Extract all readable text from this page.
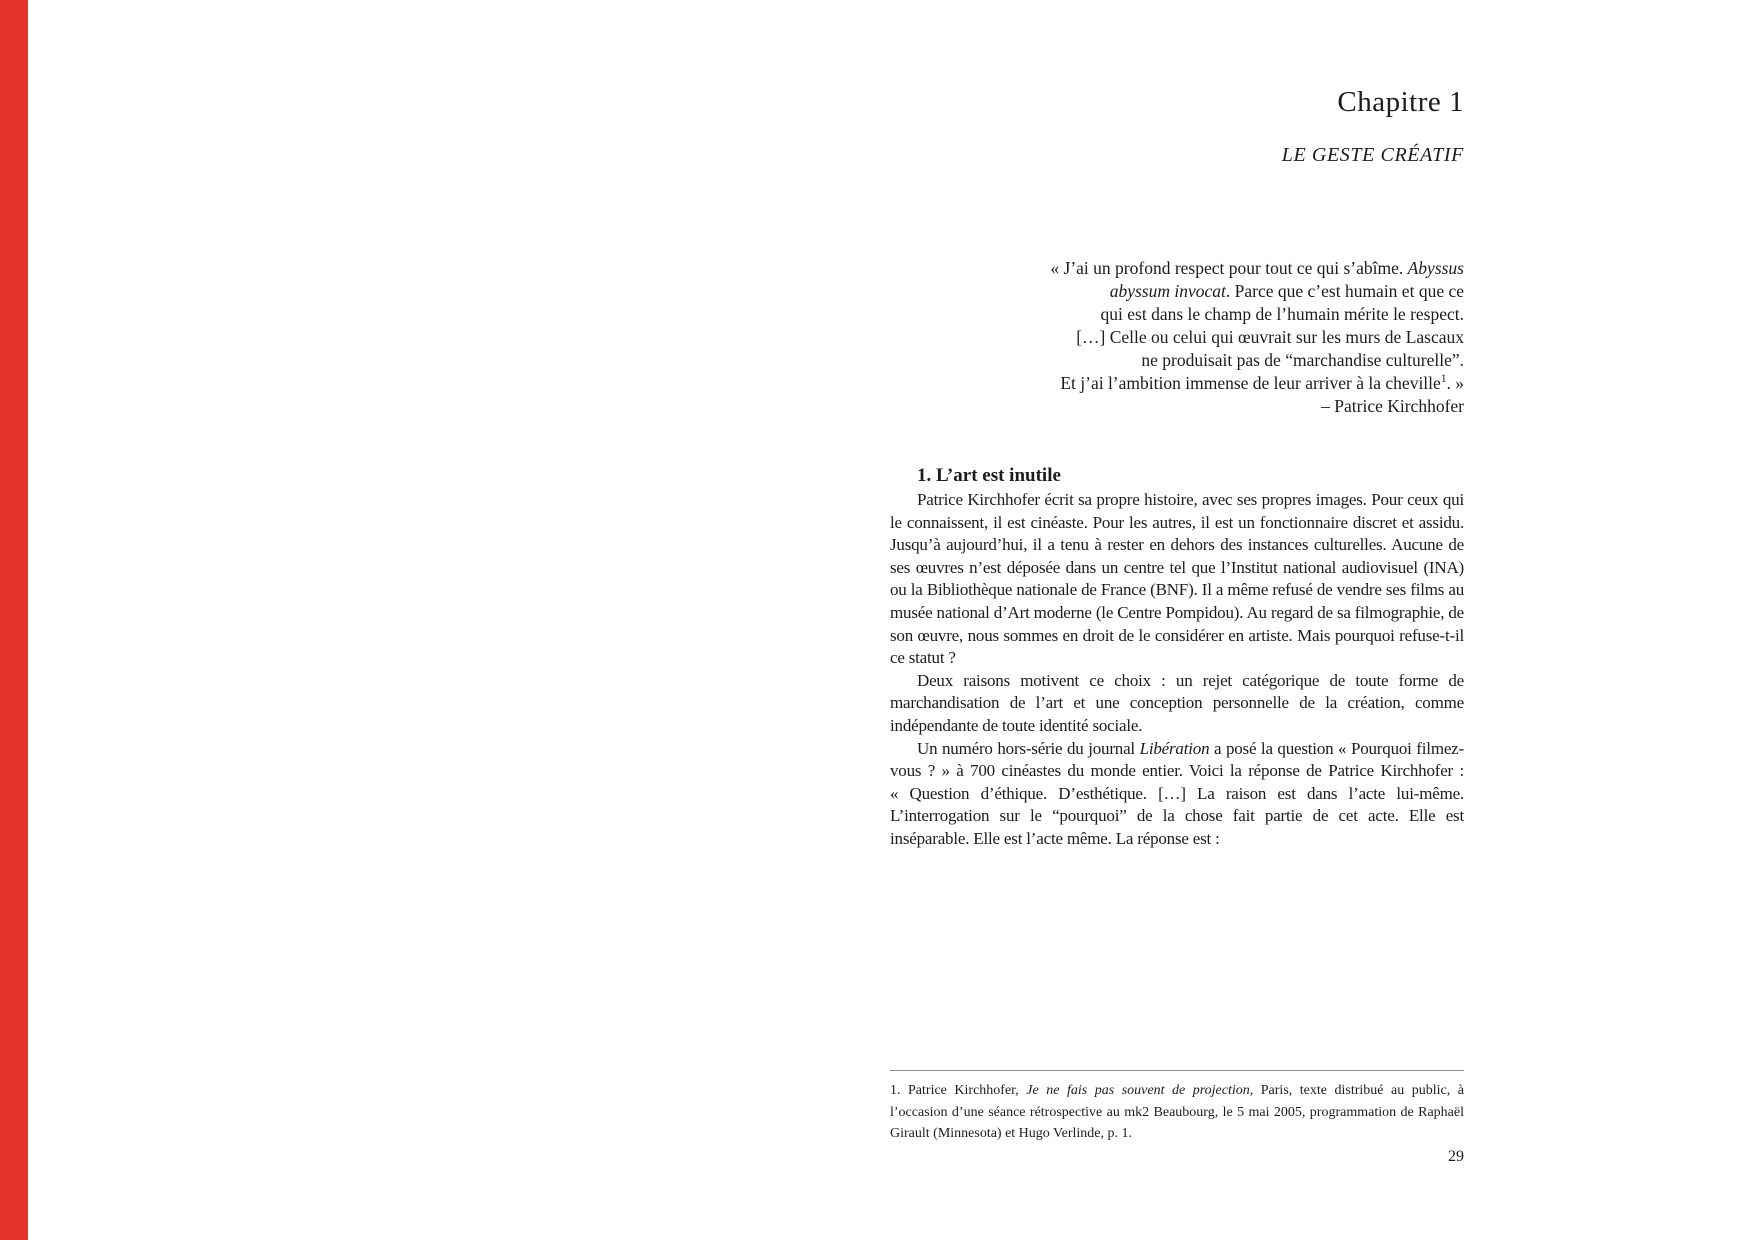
Chapitre 1
LE GESTE CRÉATIF
« J’ai un profond respect pour tout ce qui s’abîme. Abyssus
abyssum invocat. Parce que c’est humain et que ce
qui est dans le champ de l’humain mérite le respect.
[…] Celle ou celui qui œuvrait sur les murs de Lascaux
ne produisait pas de “marchandise culturelle”.
Et j’ai l’ambition immense de leur arriver à la cheville$^1$. »
– Patrice Kirchhofer
1. L’art est inutile

Patrice Kirchhofer écrit sa propre histoire, avec ses propres images. Pour ceux qui le connaissent, il est cinéaste. Pour les autres, il est un fonctionnaire discret et assidu. Jusqu’à aujourd’hui, il a tenu à rester en dehors des instances culturelles. Aucune de ses œuvres n’est déposée dans un centre tel que l’Institut national audiovisuel (INA) ou la Bibliothèque nationale de France (BNF). Il a même refusé de vendre ses films au musée national d’Art moderne (le Centre Pompidou). Au regard de sa filmographie, de son œuvre, nous sommes en droit de le considérer en artiste. Mais pourquoi refuse-t-il ce statut ?

Deux raisons motivent ce choix : un rejet catégorique de toute forme de marchandisation de l’art et une conception personnelle de la création, comme indépendante de toute identité sociale.

Un numéro hors-série du journal Libération a posé la question « Pourquoi filmez-vous ? » à 700 cinéastes du monde entier. Voici la réponse de Patrice Kirchhofer : « Question d’éthique. D’esthétique. […] La raison est dans l’acte lui-même. L’interrogation sur le “pourquoi” de la chose fait partie de cet acte. Elle est inséparable. Elle est l’acte même. La réponse est :

1. Patrice Kirchhofer, Je ne fais pas souvent de projection, Paris, texte distribué au public, à l’occasion d’une séance rétrospective au mk2 Beaubourg, le 5 mai 2005, programmation de Raphaël Girault (Minnesota) et Hugo Verlinde, p. 1.
29
